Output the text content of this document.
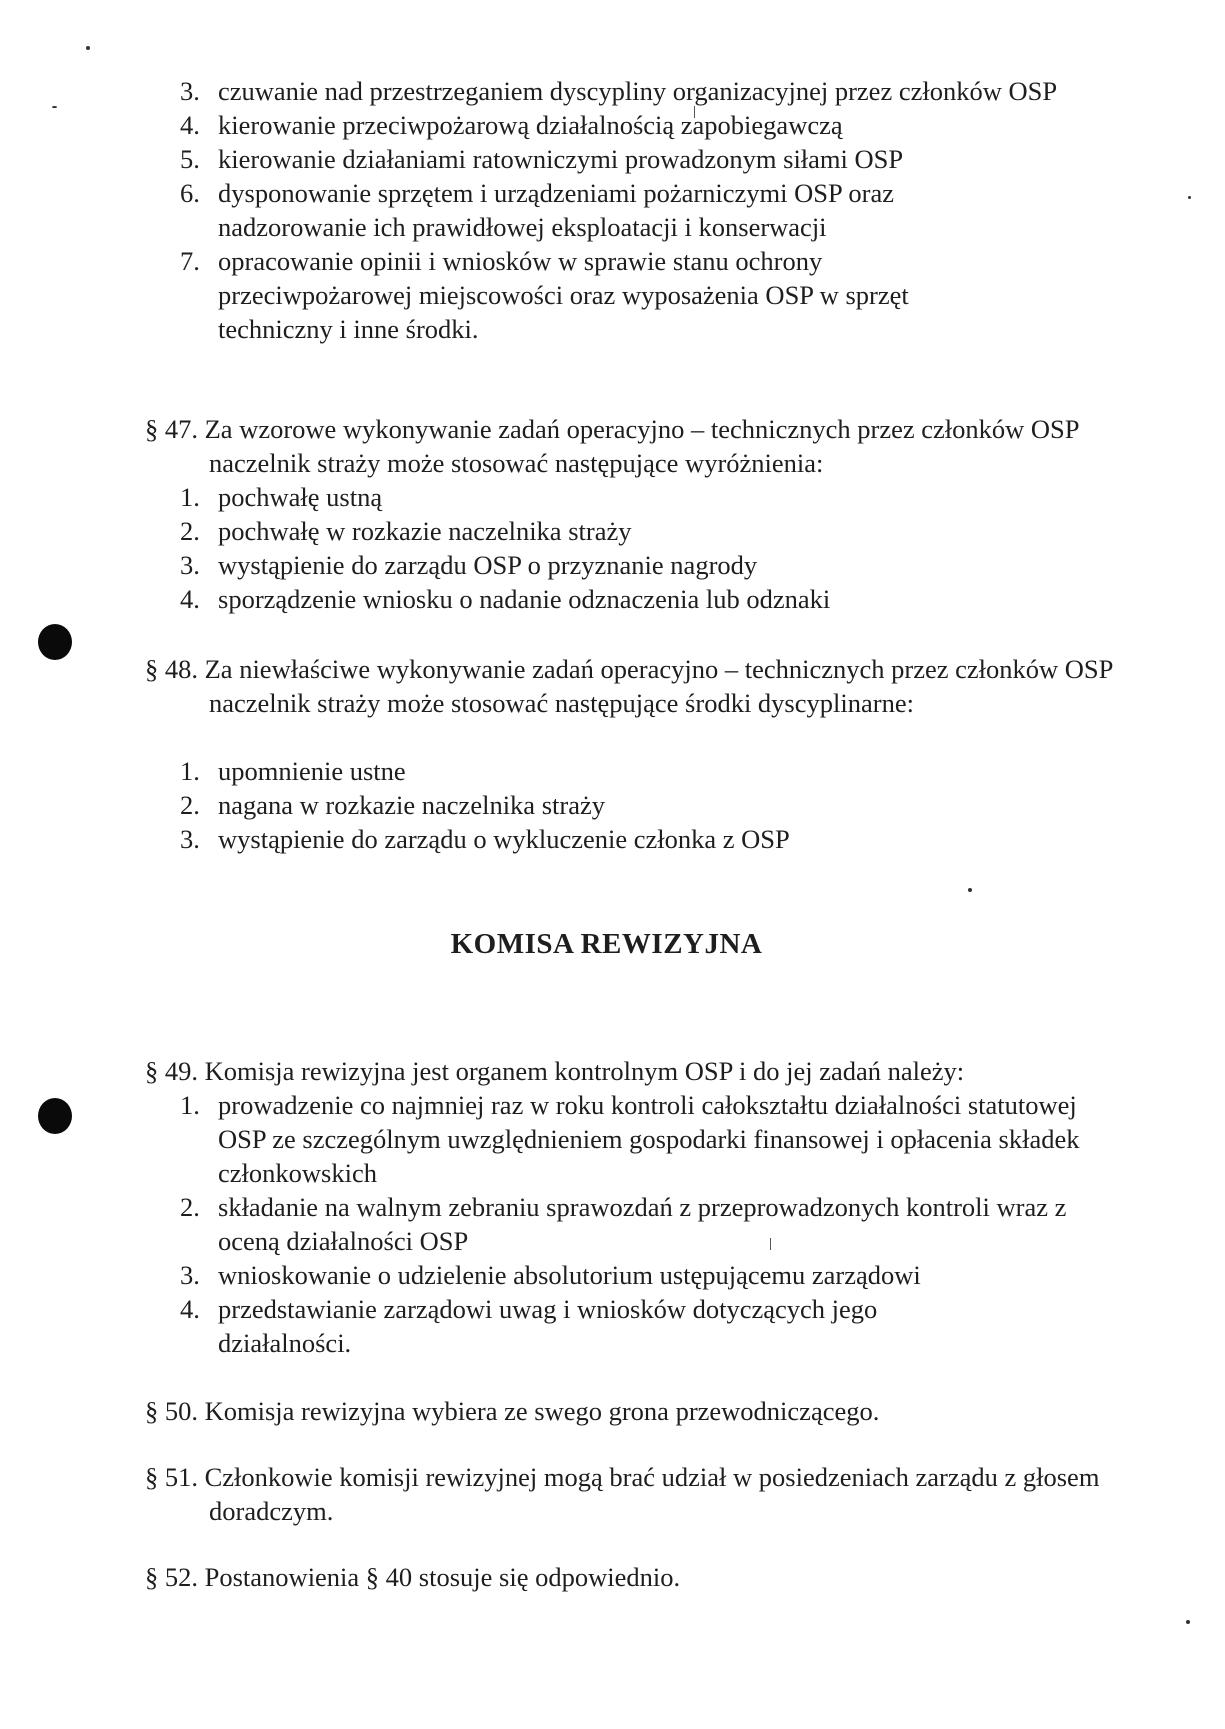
3. czuwanie nad przestrzeganiem dyscypliny organizacyjnej przez członków OSP
4. kierowanie przeciwpożarową działalnością zapobiegawczą
5. kierowanie działaniami ratowniczymi prowadzonym siłami OSP
6. dysponowanie sprzętem i urządzeniami pożarniczymi OSP oraz nadzorowanie ich prawidłowej eksploatacji i konserwacji
7. opracowanie opinii i wniosków w sprawie stanu ochrony przeciwpożarowej miejscowości oraz wyposażenia OSP w sprzęt techniczny i inne środki.

§ 47. Za wzorowe wykonywanie zadań operacyjno – technicznych przez członków OSP naczelnik straży może stosować następujące wyróżnienia:

1. pochwałę ustną
2. pochwałę w rozkazie naczelnika straży
3. wystąpienie do zarządu OSP o przyznanie nagrody
4. sporządzenie wniosku o nadanie odznaczenia lub odznaki

§ 48. Za niewłaściwe wykonywanie zadań operacyjno – technicznych przez członków OSP naczelnik straży może stosować następujące środki dyscyplinarne:

1. upomnienie ustne
2. nagana w rozkazie naczelnika straży
3. wystąpienie do zarządu o wykluczenie członka z OSP
KOMISA REWIZYJNA

§ 49. Komisja rewizyjna jest organem kontrolnym OSP i do jej zadań należy:

1. prowadzenie co najmniej raz w roku kontroli całokształtu działalności statutowej OSP ze szczególnym uwzględnieniem gospodarki finansowej i opłacenia składek członkowskich
2. składanie na walnym zebraniu sprawozdań z przeprowadzonych kontroli wraz z oceną działalności OSP
3. wnioskowanie o udzielenie absolutorium ustępującemu zarządowi
4. przedstawianie zarządowi uwag i wniosków dotyczących jego działalności.

§ 50. Komisja rewizyjna wybiera ze swego grona przewodniczącego.

§ 51. Członkowie komisji rewizyjnej mogą brać udział w posiedzeniach zarządu z głosem doradczym.

§ 52. Postanowienia § 40 stosuje się odpowiednio.
